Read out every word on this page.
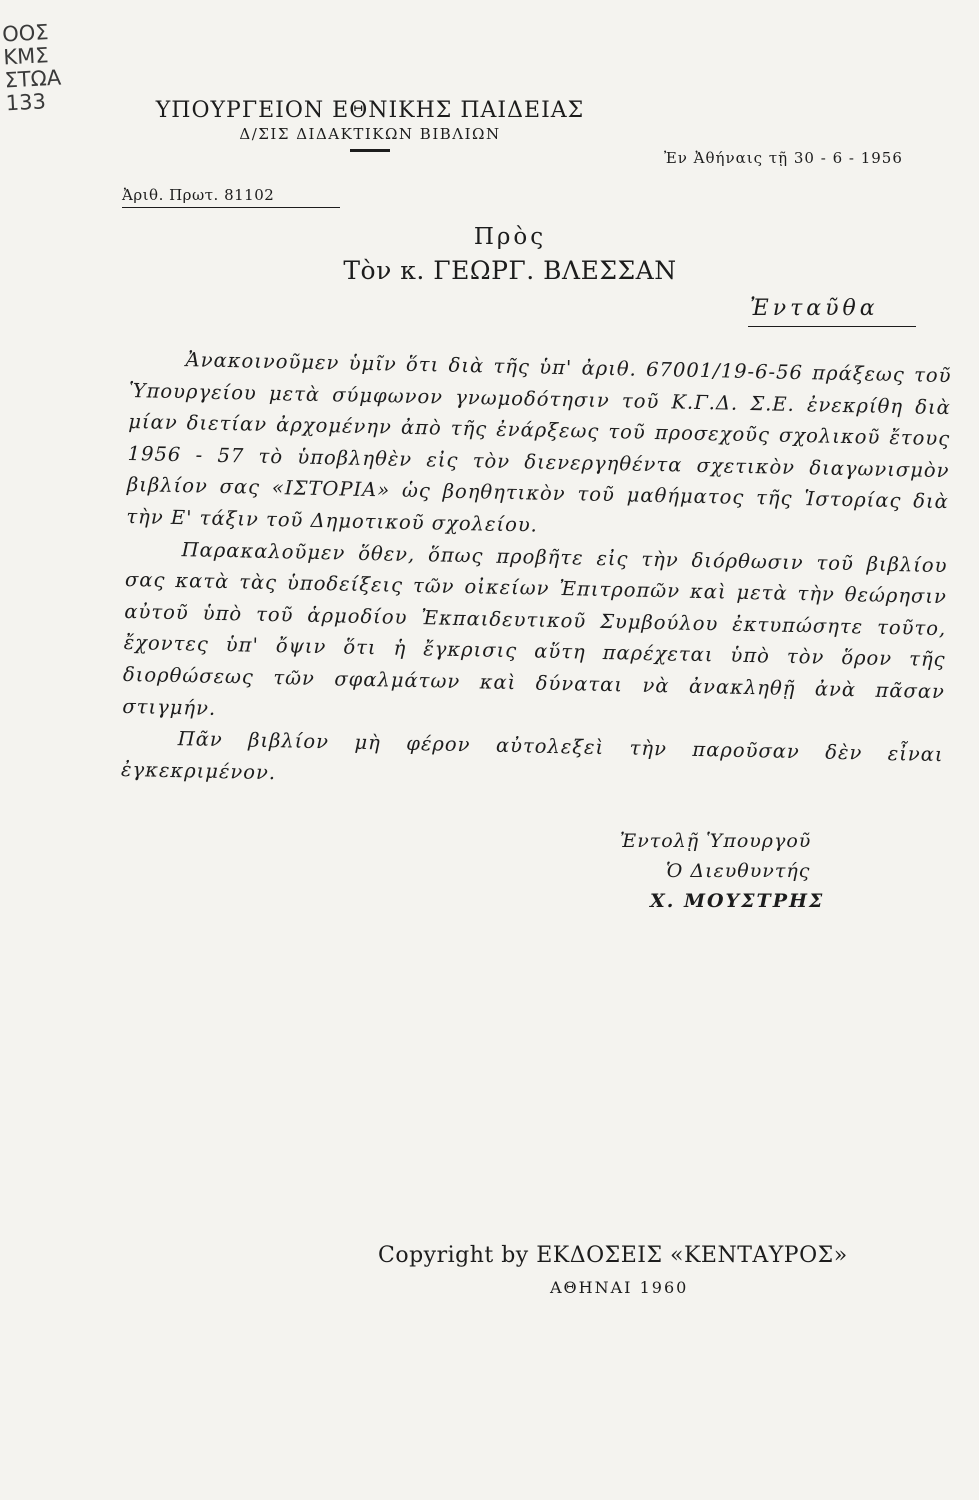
ΟΟΣ
ΚΜΣ
ΣΤΩΑ
133	ΥΠΟΥΡΓΕΙΟΝ ΕΘΝΙΚΗΣ ΠΑΙΔΕΙΑΣ
Δ/ΣΙΣ ΔΙΔΑΚΤΙΚΩΝ ΒΙΒΛΙΩΝ
Ἐν Ἀθήναις τῇ 30 - 6 - 1956
Ἀριθ. Πρωτ. 81102
Πρὸς
Τὸν κ. ΓΕΩΡΓ. ΒΛΕΣΣΑΝ
Ἐνταῦθα

Ἀνακοινοῦμεν ὑμῖν ὅτι διὰ τῆς ὑπ' ἀριθ. 67001/19-6-56 πράξεως τοῦ Ὑπουργείου μετὰ σύμφωνον γνωμοδότησιν τοῦ Κ.Γ.Δ. Σ.Ε. ἐνεκρίθη διὰ μίαν διετίαν ἀρχομένην ἀπὸ τῆς ἐνάρξεως τοῦ προσεχοῦς σχολικοῦ ἔτους 1956 - 57 τὸ ὑποβληθὲν εἰς τὸν διενεργηθέντα σχετικὸν διαγωνισμὸν βιβλίον σας «ΙΣΤΟΡΙΑ» ὡς βοηθητικὸν τοῦ μαθήματος τῆς Ἱστορίας διὰ τὴν Ε' τάξιν τοῦ Δημοτικοῦ σχολείου.

Παρακαλοῦμεν ὅθεν, ὅπως προβῆτε εἰς τὴν διόρθωσιν τοῦ βιβλίου σας κατὰ τὰς ὑποδείξεις τῶν οἰκείων Ἐπιτροπῶν καὶ μετὰ τὴν θεώρησιν αὐτοῦ ὑπὸ τοῦ ἁρμοδίου Ἐκπαιδευτικοῦ Συμβούλου ἐκτυπώσητε τοῦτο, ἔχοντες ὑπ' ὄψιν ὅτι ἡ ἔγκρισις αὕτη παρέχεται ὑπὸ τὸν ὅρον τῆς διορθώσεως τῶν σφαλμάτων καὶ δύναται νὰ ἀνακληθῇ ἀνὰ πᾶσαν στιγμήν.

Πᾶν βιβλίον μὴ φέρον αὐτολεξεὶ τὴν παροῦσαν δὲν εἶναι ἐγκεκριμένον.

Ἐντολῇ Ὑπουργοῦ
Ὁ Διευθυντής
Χ. ΜΟΥΣΤΡΗΣ
Copyright by ΕΚΔΟΣΕΙΣ «ΚΕΝΤΑΥΡΟΣ»
ΑΘΗΝΑΙ 1960
